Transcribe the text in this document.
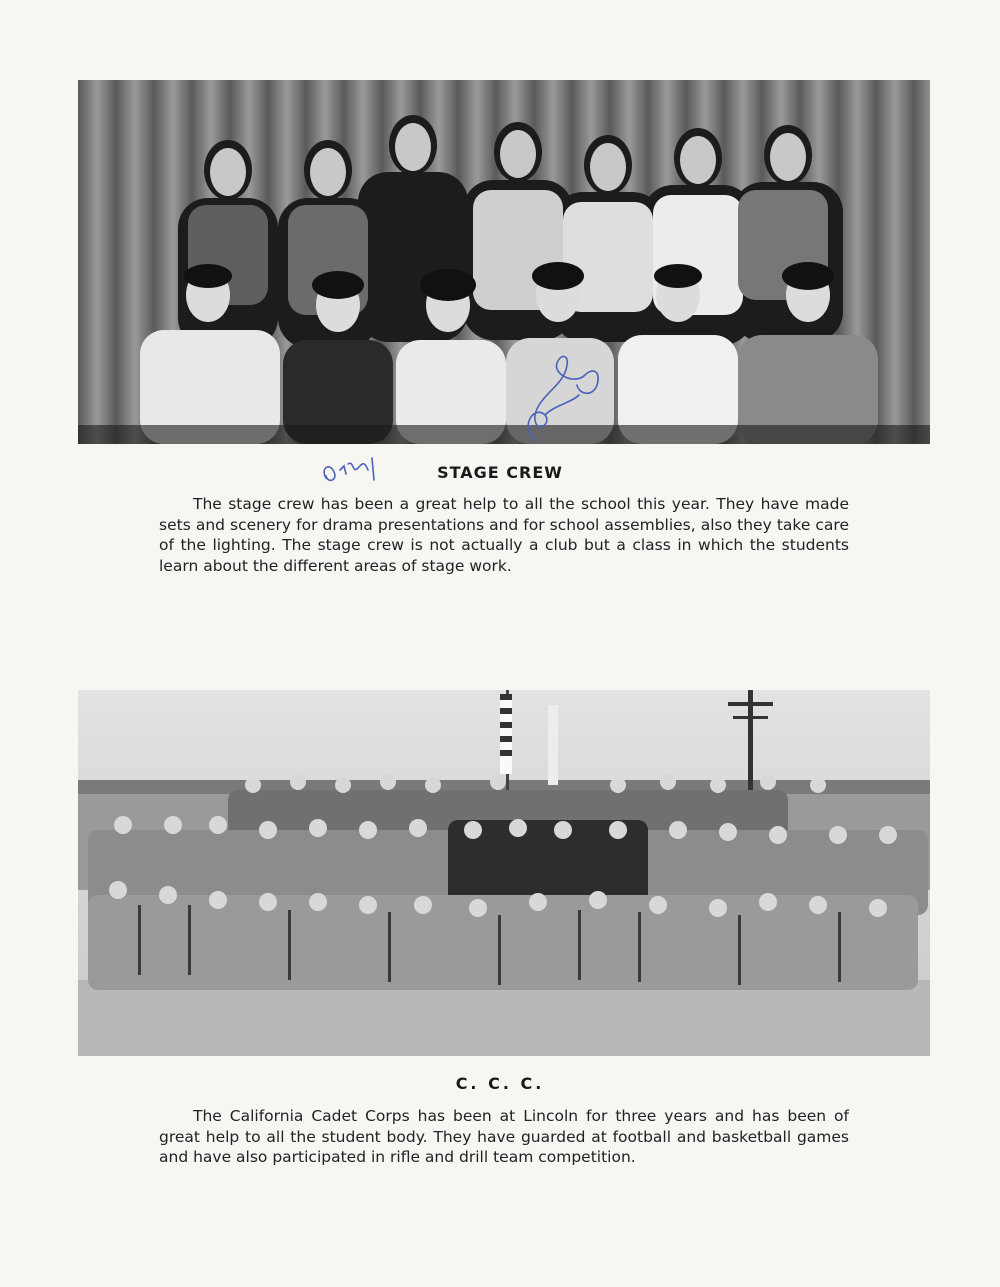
STAGE CREW

The stage crew has been a great help to all the school this year. They have made sets and scenery for drama presentations and for school assemblies, also they take care of the lighting. The stage crew is not actually a club but a class in which the students learn about the different areas of stage work.

C. C. C.

The California Cadet Corps has been at Lincoln for three years and has been of great help to all the student body. They have guarded at football and basketball games and have also participated in rifle and drill team competition.
